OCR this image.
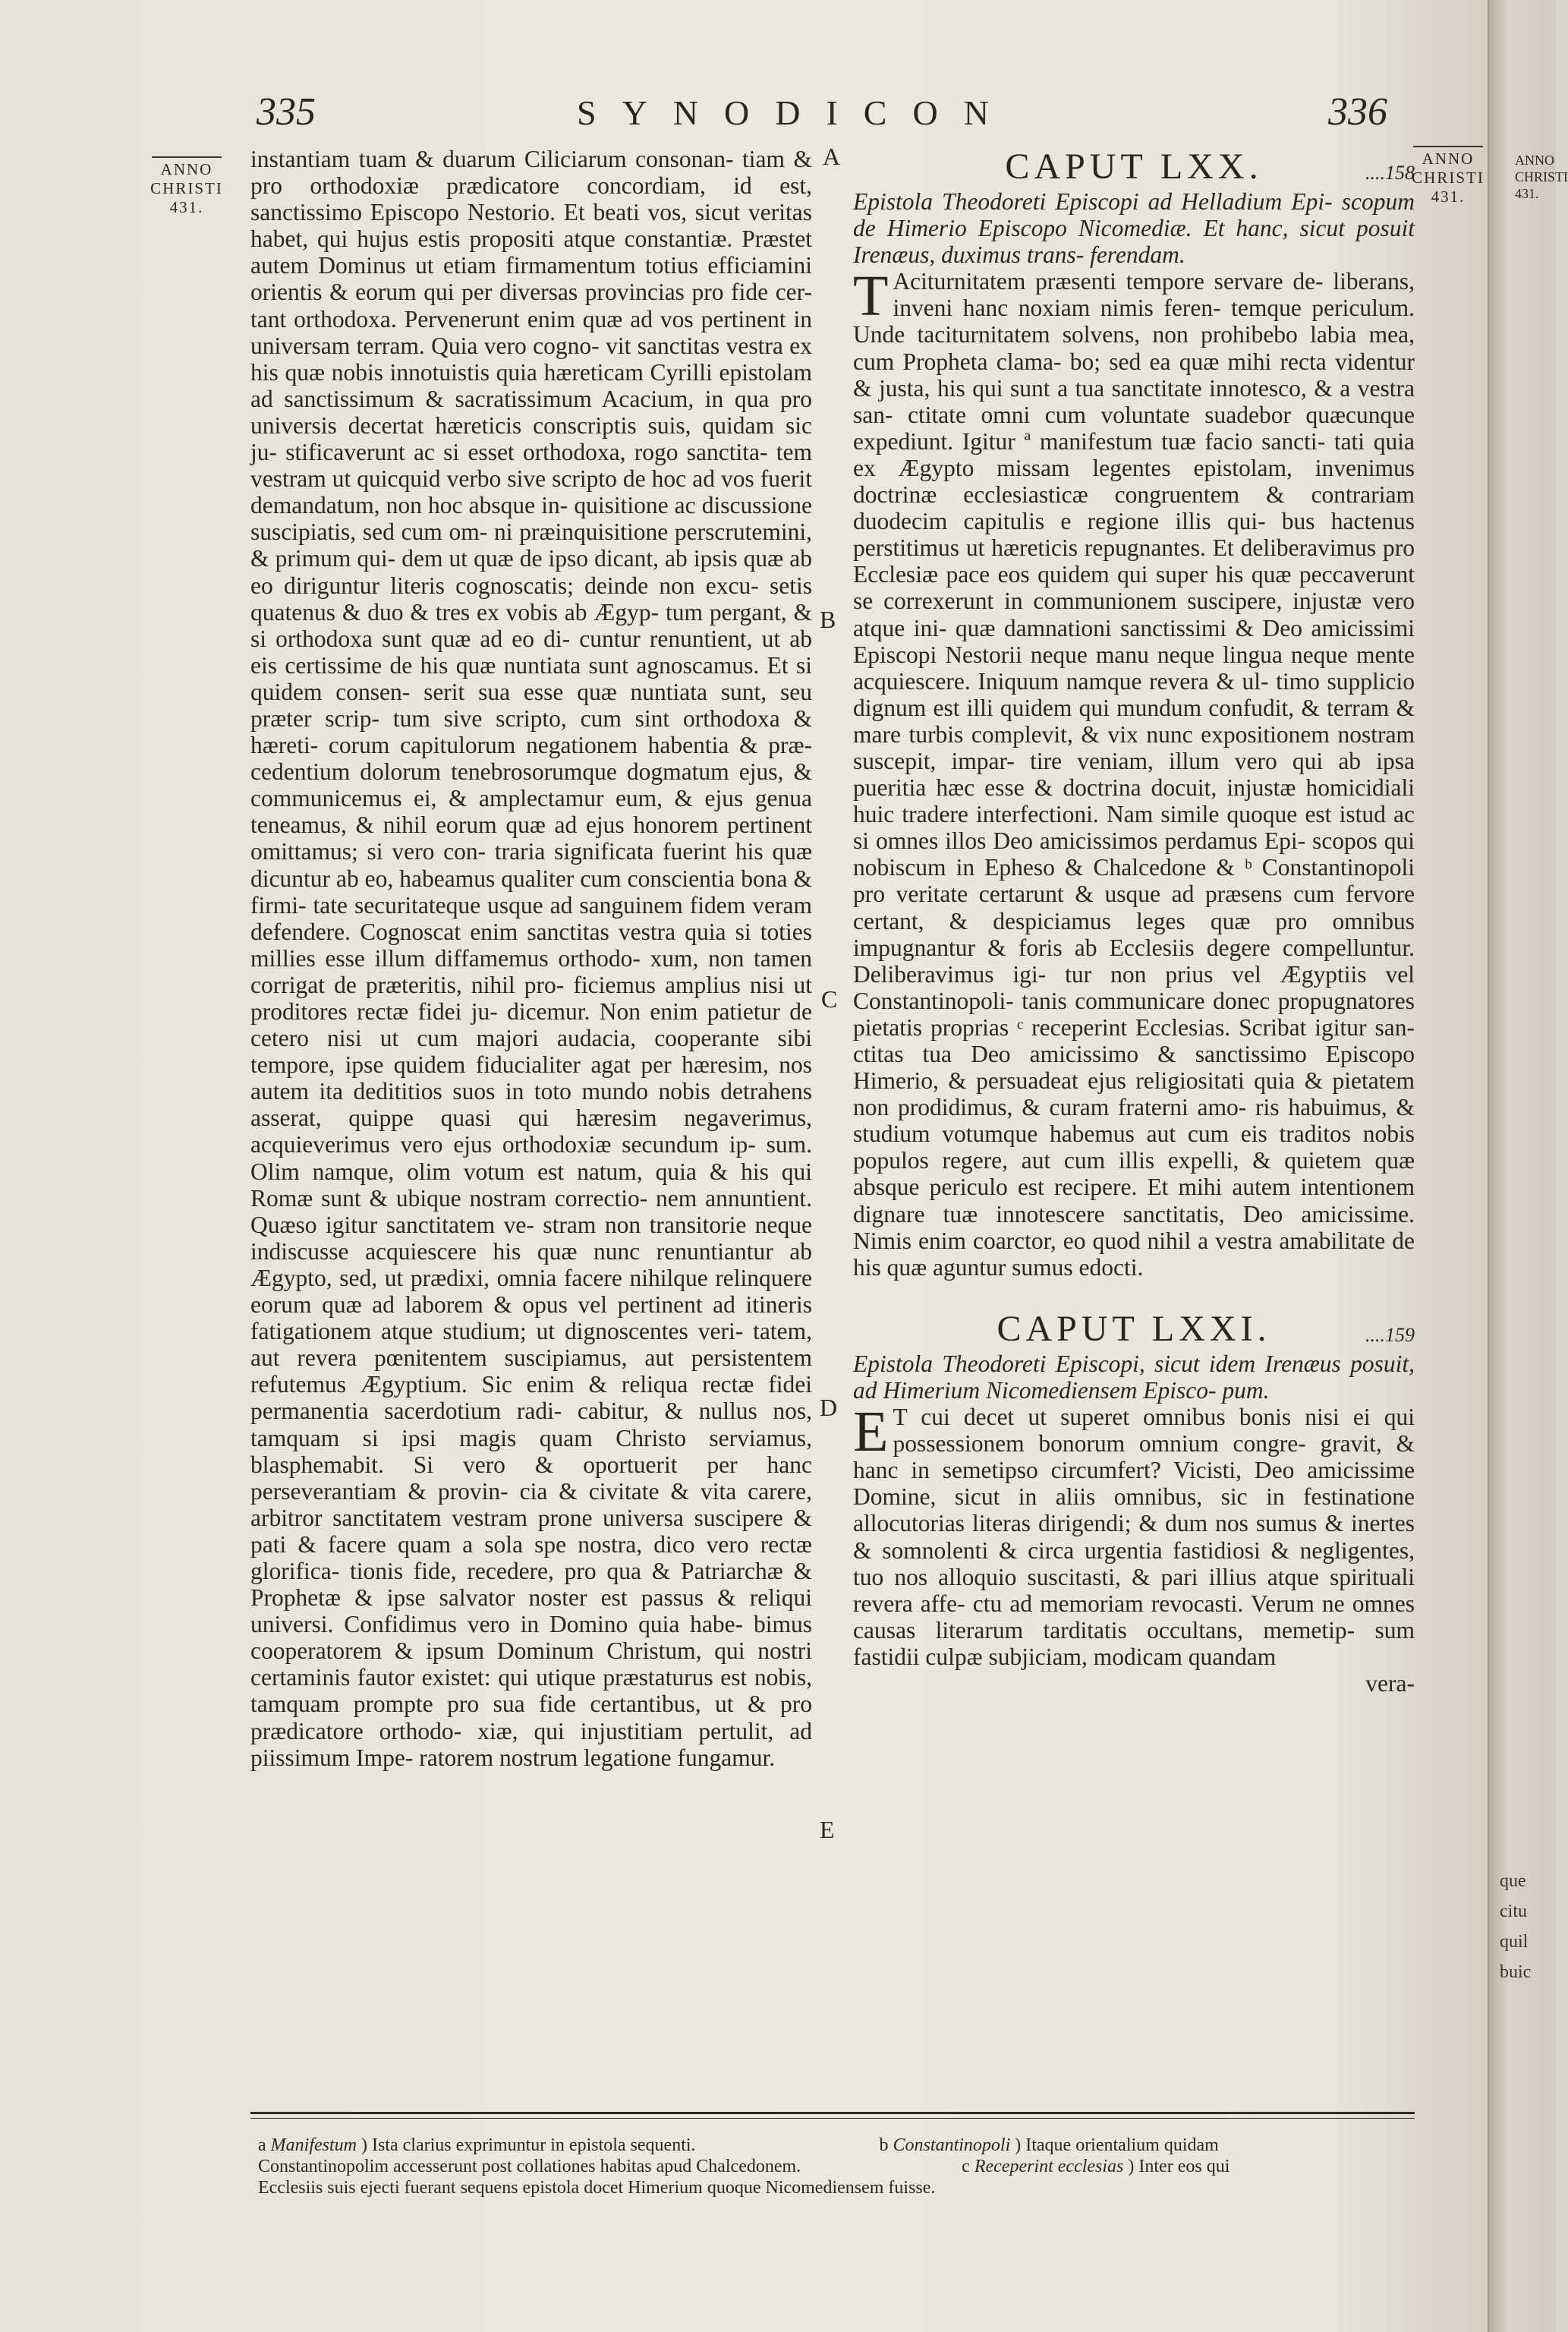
ANNO
CHRISTI
431.
que
citu
quil
buic
335	SYNODICON	336
ANNO
CHRISTI
431.
ANNO
CHRISTI
431.
A
B
C
D
E

instantiam tuam & duarum Ciliciarum consonan- tiam & pro orthodoxiæ prædicatore concordiam, id est, sanctissimo Episcopo Nestorio. Et beati vos, sicut veritas habet, qui hujus estis propositi atque constantiæ. Præstet autem Dominus ut etiam firmamentum totius efficiamini orientis & eorum qui per diversas provincias pro fide cer- tant orthodoxa. Pervenerunt enim quæ ad vos pertinent in universam terram. Quia vero cogno- vit sanctitas vestra ex his quæ nobis innotuistis quia hæreticam Cyrilli epistolam ad sanctissimum & sacratissimum Acacium, in qua pro universis decertat hæreticis conscriptis suis, quidam sic ju- stificaverunt ac si esset orthodoxa, rogo sanctita- tem vestram ut quicquid verbo sive scripto de hoc ad vos fuerit demandatum, non hoc absque in- quisitione ac discussione suscipiatis, sed cum om- ni præinquisitione perscrutemini, & primum qui- dem ut quæ de ipso dicant, ab ipsis quæ ab eo diriguntur literis cognoscatis; deinde non excu- setis quatenus & duo & tres ex vobis ab Ægyp- tum pergant, & si orthodoxa sunt quæ ad eo di- cuntur renuntient, ut ab eis certissime de his quæ nuntiata sunt agnoscamus. Et si quidem consen- serit sua esse quæ nuntiata sunt, seu præter scrip- tum sive scripto, cum sint orthodoxa & hæreti- corum capitulorum negationem habentia & præ- cedentium dolorum tenebrosorumque dogmatum ejus, & communicemus ei, & amplectamur eum, & ejus genua teneamus, & nihil eorum quæ ad ejus honorem pertinent omittamus; si vero con- traria significata fuerint his quæ dicuntur ab eo, habeamus qualiter cum conscientia bona & firmi- tate securitateque usque ad sanguinem fidem veram defendere. Cognoscat enim sanctitas vestra quia si toties millies esse illum diffamemus orthodo- xum, non tamen corrigat de præteritis, nihil pro- ficiemus amplius nisi ut proditores rectæ fidei ju- dicemur. Non enim patietur de cetero nisi ut cum majori audacia, cooperante sibi tempore, ipse quidem fiducialiter agat per hæresim, nos autem ita dedititios suos in toto mundo nobis detrahens asserat, quippe quasi qui hæresim negaverimus, acquieverimus vero ejus orthodoxiæ secundum ip- sum. Olim namque, olim votum est natum, quia & his qui Romæ sunt & ubique nostram correctio- nem annuntient. Quæso igitur sanctitatem ve- stram non transitorie neque indiscusse acquiescere his quæ nunc renuntiantur ab Ægypto, sed, ut prædixi, omnia facere nihilque relinquere eorum quæ ad laborem & opus vel pertinent ad itineris fatigationem atque studium; ut dignoscentes veri- tatem, aut revera pœnitentem suscipiamus, aut persistentem refutemus Ægyptium. Sic enim & reliqua rectæ fidei permanentia sacerdotium radi- cabitur, & nullus nos, tamquam si ipsi magis quam Christo serviamus, blasphemabit. Si vero & oportuerit per hanc perseverantiam & provin- cia & civitate & vita carere, arbitror sanctitatem vestram prone universa suscipere & pati & facere quam a sola spe nostra, dico vero rectæ glorifica- tionis fide, recedere, pro qua & Patriarchæ & Prophetæ & ipse salvator noster est passus & reliqui universi. Confidimus vero in Domino quia habe- bimus cooperatorem & ipsum Dominum Christum, qui nostri certaminis fautor existet: qui utique præstaturus est nobis, tamquam prompte pro sua fide certantibus, ut & pro prædicatore orthodo- xiæ, qui injustitiam pertulit, ad piissimum Impe- ratorem nostrum legatione fungamur.

CAPUT LXX.	....158

Epistola Theodoreti Episcopi ad Helladium Epi- scopum de Himerio Episcopo Nicomediæ. Et hanc, sicut posuit Irenæus, duximus trans- ferendam.

T Aciturnitatem præsenti tempore servare de- liberans, inveni hanc noxiam nimis feren- temque periculum. Unde taciturnitatem solvens, non prohibebo labia mea, cum Propheta clama- bo; sed ea quæ mihi recta videntur & justa, his qui sunt a tua sanctitate innotesco, & a vestra san- ctitate omni cum voluntate suadebor quæcunque expediunt. Igitur ª manifestum tuæ facio sancti- tati quia ex Ægypto missam legentes epistolam, invenimus doctrinæ ecclesiasticæ congruentem & contrariam duodecim capitulis e regione illis qui- bus hactenus perstitimus ut hæreticis repugnantes. Et deliberavimus pro Ecclesiæ pace eos quidem qui super his quæ peccaverunt se correxerunt in communionem suscipere, injustæ vero atque ini- quæ damnationi sanctissimi & Deo amicissimi Episcopi Nestorii neque manu neque lingua neque mente acquiescere. Iniquum namque revera & ul- timo supplicio dignum est illi quidem qui mundum confudit, & terram & mare turbis complevit, & vix nunc expositionem nostram suscepit, impar- tire veniam, illum vero qui ab ipsa pueritia hæc esse & doctrina docuit, injustæ homicidiali huic tradere interfectioni. Nam simile quoque est istud ac si omnes illos Deo amicissimos perdamus Epi- scopos qui nobiscum in Epheso & Chalcedone & ᵇ Constantinopoli pro veritate certarunt & usque ad præsens cum fervore certant, & despiciamus leges quæ pro omnibus impugnantur & foris ab Ecclesiis degere compelluntur. Deliberavimus igi- tur non prius vel Ægyptiis vel Constantinopoli- tanis communicare donec propugnatores pietatis proprias ᶜ receperint Ecclesias. Scribat igitur san- ctitas tua Deo amicissimo & sanctissimo Episcopo Himerio, & persuadeat ejus religiositati quia & pietatem non prodidimus, & curam fraterni amo- ris habuimus, & studium votumque habemus aut cum eis traditos nobis populos regere, aut cum illis expelli, & quietem quæ absque periculo est recipere. Et mihi autem intentionem dignare tuæ innotescere sanctitatis, Deo amicissime. Nimis enim coarctor, eo quod nihil a vestra amabilitate de his quæ aguntur sumus edocti.

CAPUT LXXI.	....159

Epistola Theodoreti Episcopi, sicut idem Irenæus posuit, ad Himerium Nicomediensem Episco- pum.

E T cui decet ut superet omnibus bonis nisi ei qui possessionem bonorum omnium congre- gravit, & hanc in semetipso circumfert? Vicisti, Deo amicissime Domine, sicut in aliis omnibus, sic in festinatione allocutorias literas dirigendi; & dum nos sumus & inertes & somnolenti & circa urgentia fastidiosi & negligentes, tuo nos alloquio suscitasti, & pari illius atque spirituali revera affe- ctu ad memoriam revocasti. Verum ne omnes causas literarum tarditatis occultans, memetip- sum fastidii culpæ subjiciam, modicam quandam

vera-

a Manifestum ) Ista clarius exprimuntur in epistola sequenti.	b Constantinopoli ) Itaque orientalium quidam
Constantinopolim accesserunt post collationes habitas apud Chalcedonem.	c Receperint ecclesias ) Inter eos qui
Ecclesiis suis ejecti fuerant sequens epistola docet Himerium quoque Nicomediensem fuisse.
